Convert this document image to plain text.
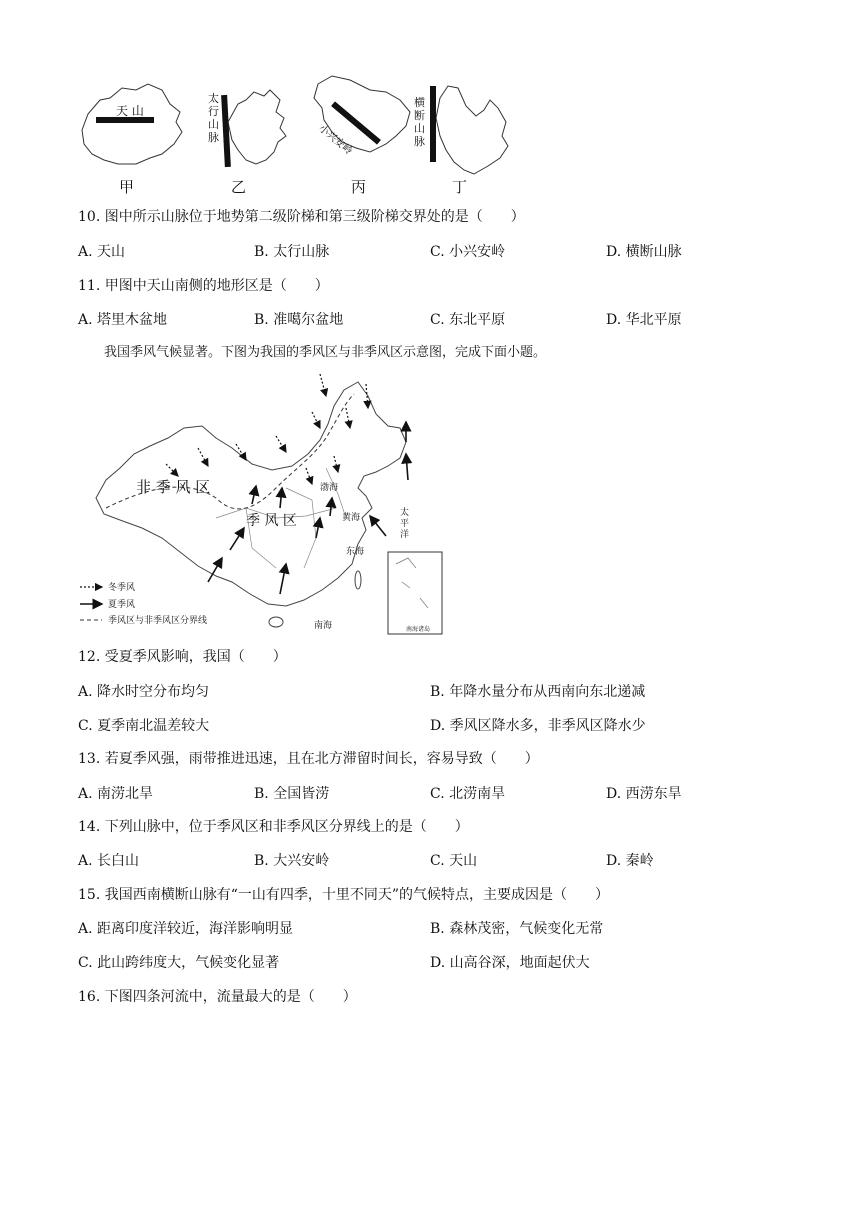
天 山
太行山脉	小兴安岭
横断山脉
甲	乙	丙	丁
10. 图中所示山脉位于地势第二级阶梯和第三级阶梯交界处的是（　　）
A. 天山	B. 太行山脉	C. 小兴安岭	D. 横断山脉
11. 甲图中天山南侧的地形区是（　　）
A. 塔里木盆地	B. 准噶尔盆地	C. 东北平原	D. 华北平原
我国季风气候显著。下图为我国的季风区与非季风区示意图，完成下面小题。
非 季 风 区
季 风 区
渤海
黄海
东海
南海
太平洋
南海诸岛
冬季风
夏季风
季风区与非季风区分界线
12. 受夏季风影响，我国（　　）
A. 降水时空分布均匀	B. 年降水量分布从西南向东北递减
C. 夏季南北温差较大	D. 季风区降水多，非季风区降水少
13. 若夏季风强，雨带推进迅速，且在北方滞留时间长，容易导致（　　）
A. 南涝北旱	B. 全国皆涝	C. 北涝南旱	D. 西涝东旱
14. 下列山脉中，位于季风区和非季风区分界线上的是（　　）
A. 长白山	B. 大兴安岭	C. 天山	D. 秦岭
15. 我国西南横断山脉有“一山有四季，十里不同天”的气候特点，主要成因是（　　）
A. 距离印度洋较近，海洋影响明显	B. 森林茂密，气候变化无常
C. 此山跨纬度大，气候变化显著	D. 山高谷深，地面起伏大
16. 下图四条河流中，流量最大的是（　　）
